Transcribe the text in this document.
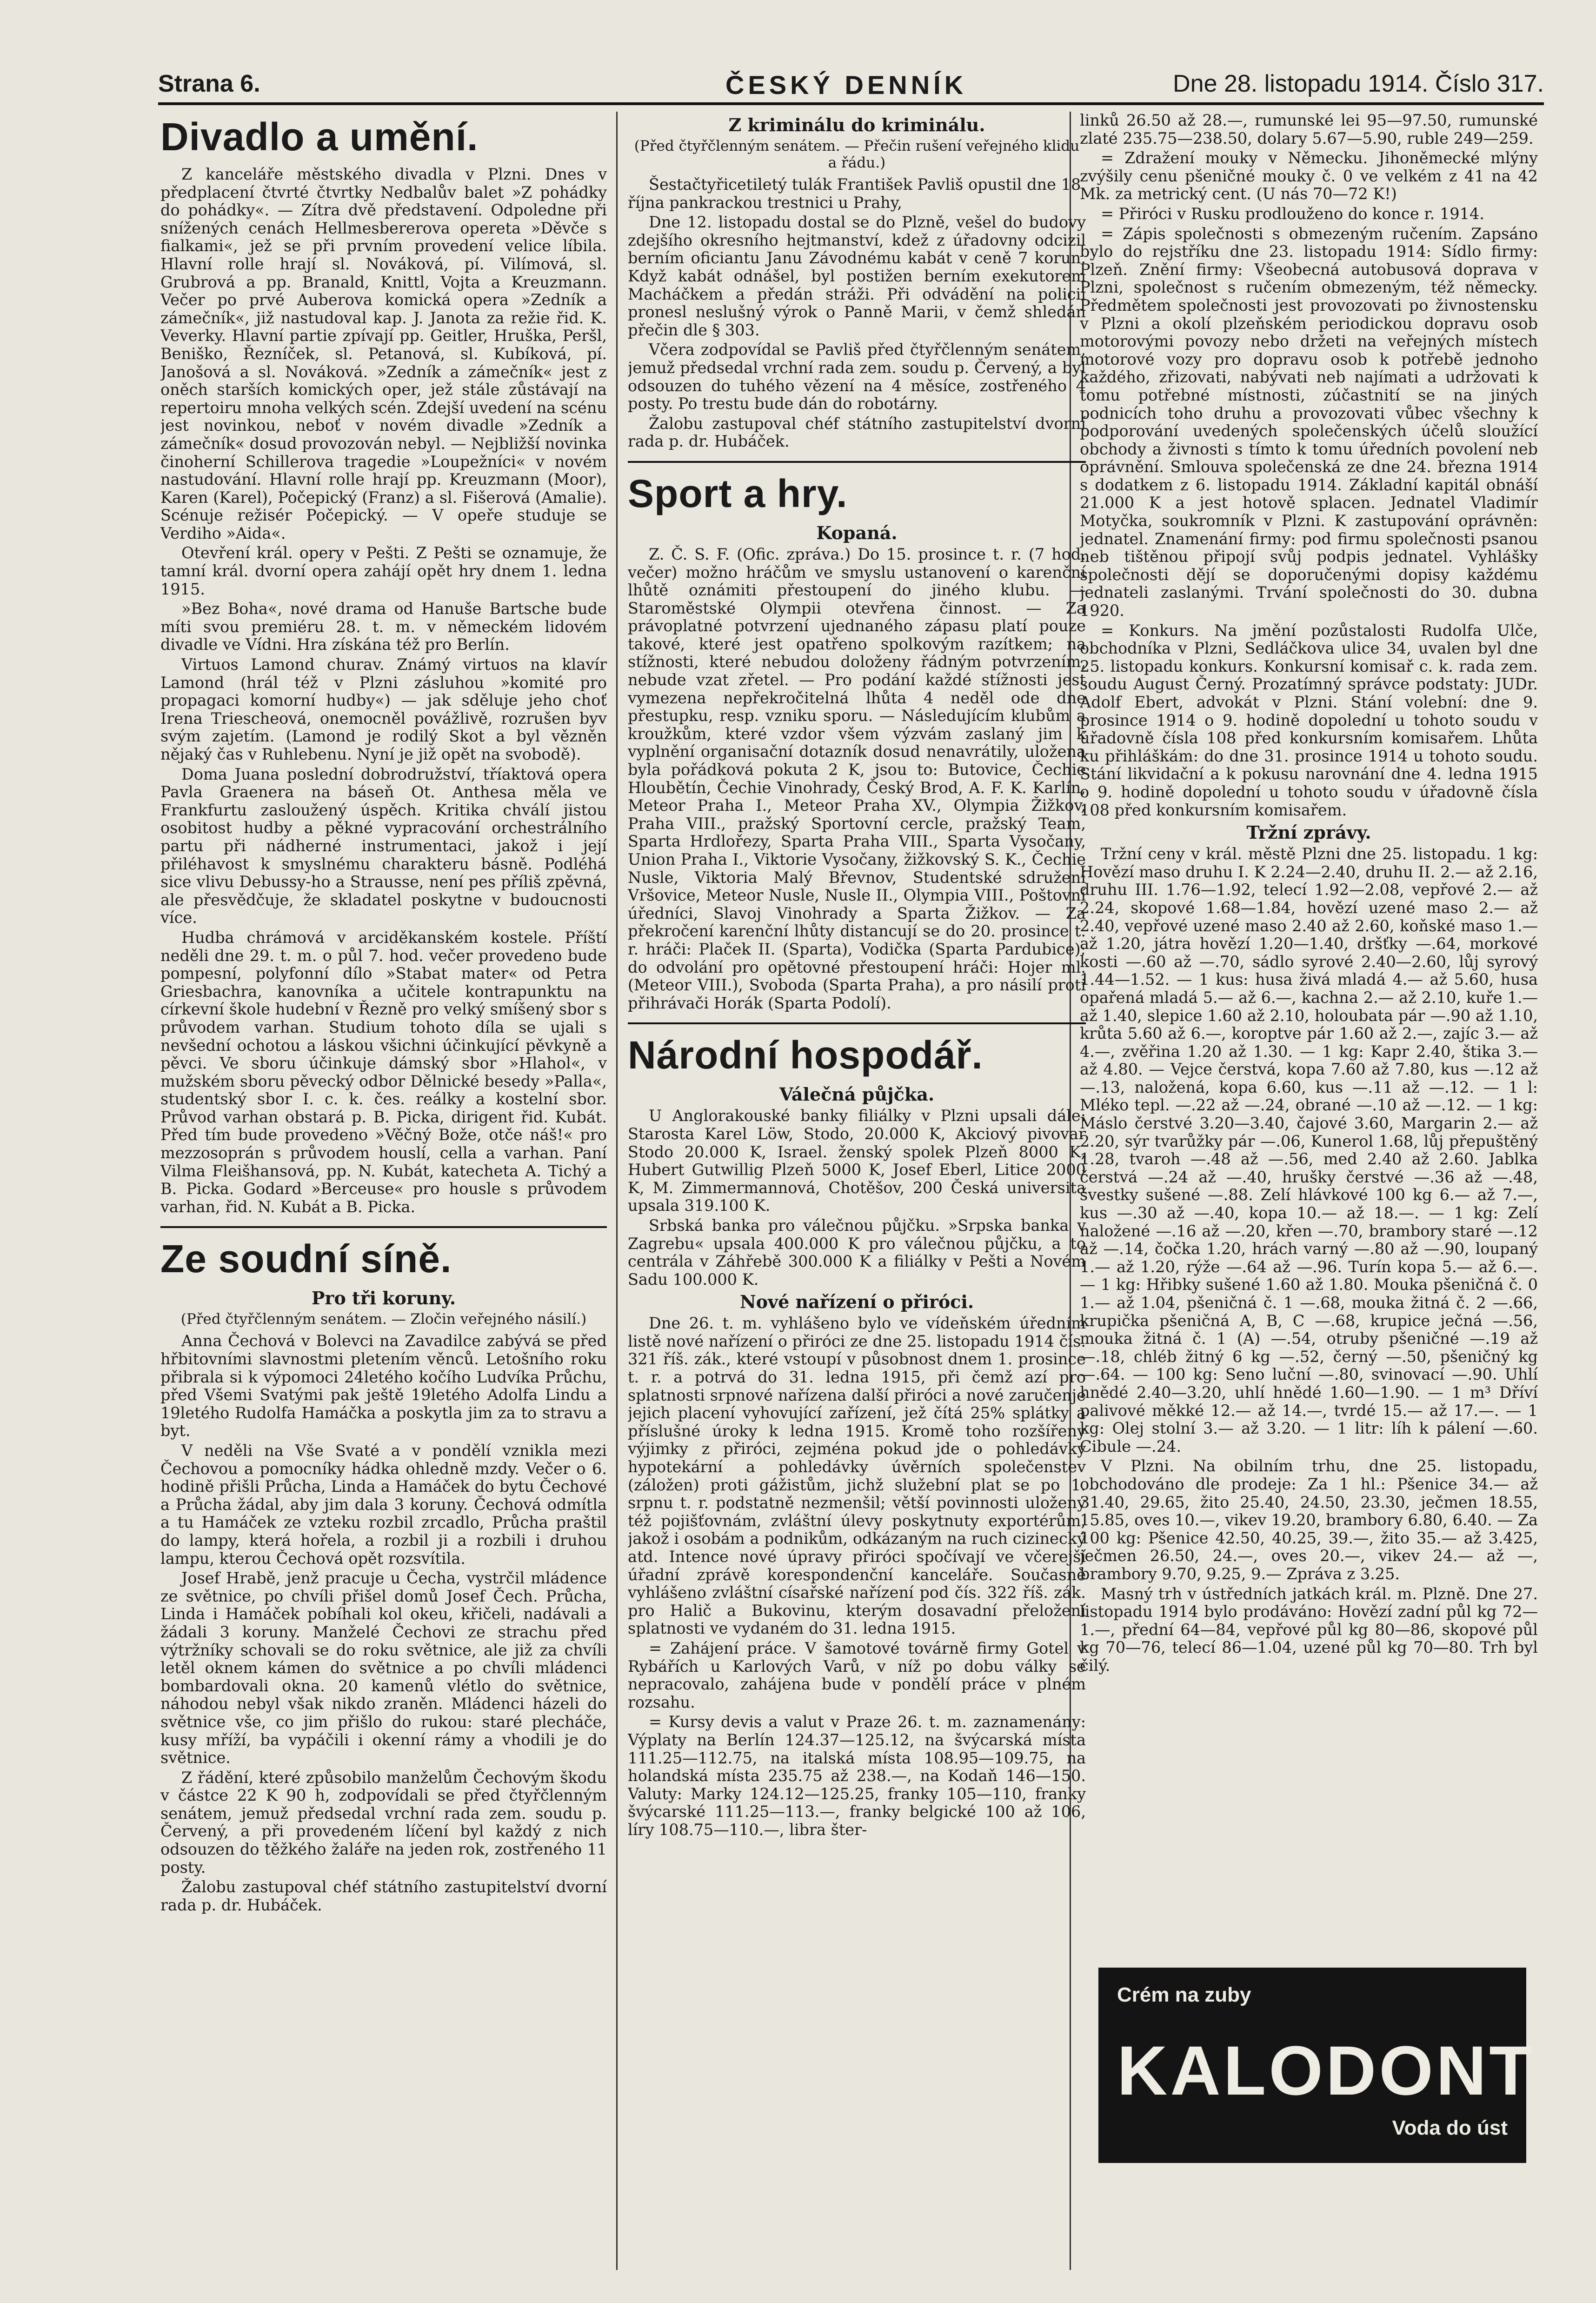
Strana 6.	ČESKÝ DENNÍK	Dne 28. listopadu 1914. Číslo 317.
Divadlo a umění.

Z kanceláře městského divadla v Plzni. Dnes v předplacení čtvrté čtvrtky Nedbalův balet »Z pohádky do pohádky«. — Zítra dvě představení. Odpoledne při snížených cenách Hellmesbererova opereta »Děvče s fialkami«, jež se při prvním provedení velice líbila. Hlavní rolle hrají sl. Nováková, pí. Vilímová, sl. Grubrová a pp. Branald, Knittl, Vojta a Kreuzmann. Večer po prvé Auberova komická opera »Zedník a zámečník«, již nastudoval kap. J. Janota za režie řid. K. Veverky. Hlavní partie zpívají pp. Geitler, Hruška, Peršl, Beniško, Řezníček, sl. Petanová, sl. Kubíková, pí. Janošová a sl. Nováková. »Zedník a zámečník« jest z oněch starších komických oper, jež stále zůstávají na repertoiru mnoha velkých scén. Zdejší uvedení na scénu jest novinkou, neboť v novém divadle »Zedník a zámečník« dosud provozován nebyl. — Nejbližší novinka činoherní Schillerova tragedie »Loupežníci« v novém nastudování. Hlavní rolle hrají pp. Kreuzmann (Moor), Karen (Karel), Počepický (Franz) a sl. Fišerová (Amalie). Scénuje režisér Počepický. — V opeře studuje se Verdiho »Aida«.

Otevření král. opery v Pešti. Z Pešti se oznamuje, že tamní král. dvorní opera zahájí opět hry dnem 1. ledna 1915.

»Bez Boha«, nové drama od Hanuše Bartsche bude míti svou premiéru 28. t. m. v německém lidovém divadle ve Vídni. Hra získána též pro Berlín.

Virtuos Lamond churav. Známý virtuos na klavír Lamond (hrál též v Plzni zásluhou »komité pro propagaci komorní hudby«) — jak sděluje jeho choť Irena Triescheová, onemocněl povážlivě, rozrušen byv svým zajetím. (Lamond je rodilý Skot a byl vězněn nějaký čas v Ruhlebenu. Nyní je již opět na svobodě).

Doma Juana poslední dobrodružství, tříaktová opera Pavla Graenera na báseň Ot. Anthesa měla ve Frankfurtu zasloužený úspěch. Kritika chválí jistou osobitost hudby a pěkné vypracování orchestrálního partu při nádherné instrumentaci, jakož i její přiléhavost k smyslnému charakteru básně. Podléhá sice vlivu Debussy-ho a Strausse, není pes příliš zpěvná, ale přesvědčuje, že skladatel poskytne v budoucnosti více.

Hudba chrámová v arciděkanském kostele. Příští neděli dne 29. t. m. o půl 7. hod. večer provedeno bude pompesní, polyfonní dílo »Stabat mater« od Petra Griesbachra, kanovníka a učitele kontrapunktu na církevní škole hudební v Řezně pro velký smíšený sbor s průvodem varhan. Studium tohoto díla se ujali s nevšední ochotou a láskou všichni účinkující pěvkyně a pěvci. Ve sboru účinkuje dámský sbor »Hlahol«, v mužském sboru pěvecký odbor Dělnické besedy »Palla«, studentský sbor I. c. k. čes. reálky a kostelní sbor. Průvod varhan obstará p. B. Picka, dirigent řid. Kubát. Před tím bude provedeno »Věčný Bože, otče náš!« pro mezzosoprán s průvodem houslí, cella a varhan. Paní Vilma Fleišhansová, pp. N. Kubát, katecheta A. Tichý a B. Picka. Godard »Berceuse« pro housle s průvodem varhan, řid. N. Kubát a B. Picka.

Ze soudní síně.
Pro tři koruny.
(Před čtyřčlenným senátem. — Zločin veřejného násilí.)

Anna Čechová v Bolevci na Zavadilce zabývá se před hřbitovními slavnostmi pletením věnců. Letošního roku přibrala si k výpomoci 24letého kočího Ludvíka Průchu, před Všemi Svatými pak ještě 19letého Adolfa Lindu a 19letého Rudolfa Hamáčka a poskytla jim za to stravu a byt.

V neděli na Vše Svaté a v pondělí vznikla mezi Čechovou a pomocníky hádka ohledně mzdy. Večer o 6. hodině přišli Průcha, Linda a Hamáček do bytu Čechové a Průcha žádal, aby jim dala 3 koruny. Čechová odmítla a tu Hamáček ze vzteku rozbil zrcadlo, Průcha praštil do lampy, která hořela, a rozbil ji a rozbili i druhou lampu, kterou Čechová opět rozsvítila.

Josef Hrabě, jenž pracuje u Čecha, vystrčil mládence ze světnice, po chvíli přišel domů Josef Čech. Průcha, Linda i Hamáček pobíhali kol okeu, křičeli, nadávali a žádali 3 koruny. Manželé Čechovi ze strachu před výtržníky schovali se do roku světnice, ale již za chvíli letěl oknem kámen do světnice a po chvíli mládenci bombardovali okna. 20 kamenů vlétlo do světnice, náhodou nebyl však nikdo zraněn. Mládenci házeli do světnice vše, co jim přišlo do rukou: staré plecháče, kusy mříží, ba vypáčili i okenní rámy a vhodili je do světnice.

Z řádění, které způsobilo manželům Čechovým škodu v částce 22 K 90 h, zodpovídali se před čtyřčlenným senátem, jemuž předsedal vrchní rada zem. soudu p. Červený, a při provedeném líčení byl každý z nich odsouzen do těžkého žaláře na jeden rok, zostřeného 11 posty.

Žalobu zastupoval chéf státního zastupitelství dvorní rada p. dr. Hubáček.

Z kriminálu do kriminálu.
(Před čtyřčlenným senátem. — Přečin rušení veřejného klidu a řádu.)

Šestačtyřicetiletý tulák František Pavliš opustil dne 18. října pankrackou trestnici u Prahy,

Dne 12. listopadu dostal se do Plzně, vešel do budovy zdejšího okresního hejtmanství, kdež z úřadovny odcizil berním oficiantu Janu Závodnému kabát v ceně 7 korun. Když kabát odnášel, byl postižen berním exekutorem Macháčkem a předán stráži. Při odvádění na policii pronesl neslušný výrok o Panně Marii, v čemž shledán přečin dle § 303.

Včera zodpovídal se Pavliš před čtyřčlenným senátem, jemuž předsedal vrchní rada zem. soudu p. Červený, a byl odsouzen do tuhého vězení na 4 měsíce, zostřeného 4 posty. Po trestu bude dán do robotárny.

Žalobu zastupoval chéf státního zastupitelství dvorní rada p. dr. Hubáček.

Sport a hry.
Kopaná.

Z. Č. S. F. (Ofic. zpráva.) Do 15. prosince t. r. (7 hod. večer) možno hráčům ve smyslu ustanovení o karenční lhůtě oznámiti přestoupení do jiného klubu. — Staroměstské Olympii otevřena činnost. — Za právoplatné potvrzení ujednaného zápasu platí pouze takové, které jest opatřeno spolkovým razítkem; na stížnosti, které nebudou doloženy řádným potvrzením, nebude vzat zřetel. — Pro podání každé stížnosti jest vymezena nepřekročitelná lhůta 4 neděl ode dne přestupku, resp. vzniku sporu. — Následujícím klubům a kroužkům, které vzdor všem výzvám zaslaný jim k vyplnění organisační dotazník dosud nenavrátily, uložena byla pořádková pokuta 2 K, jsou to: Butovice, Čechie Hloubětín, Čechie Vinohrady, Český Brod, A. F. K. Karlín, Meteor Praha I., Meteor Praha XV., Olympia Žižkov, Praha VIII., pražský Sportovní cercle, pražský Team, Sparta Hrdlořezy, Sparta Praha VIII., Sparta Vysočany, Union Praha I., Viktorie Vysočany, žižkovský S. K., Čechie Nusle, Viktoria Malý Břevnov, Studentské sdružení Vršovice, Meteor Nusle, Nusle II., Olympia VIII., Poštovní úředníci, Slavoj Vinohrady a Sparta Žižkov. — Za překročení karenční lhůty distancují se do 20. prosince t. r. hráči: Plaček II. (Sparta), Vodička (Sparta Pardubice); do odvolání pro opětovné přestoupení hráči: Hojer ml. (Meteor VIII.), Svoboda (Sparta Praha), a pro násilí proti přihrávači Horák (Sparta Podolí).

Národní hospodář.
Válečná půjčka.

U Anglorakouské banky filiálky v Plzni upsali dále: Starosta Karel Löw, Stodo, 20.000 K, Akciový pivovar Stodo 20.000 K, Israel. ženský spolek Plzeň 8000 K, Hubert Gutwillig Plzeň 5000 K, Josef Eberl, Litice 2000 K, M. Zimmermannová, Chotěšov, 200 Česká universita upsala 319.100 K.

Srbská banka pro válečnou půjčku. »Srpska banka v Zagrebu« upsala 400.000 K pro válečnou půjčku, a to centrála v Záhřebě 300.000 K a filiálky v Pešti a Novém Sadu 100.000 K.

Nové nařízení o přiróci.

Dne 26. t. m. vyhlášeno bylo ve vídeňském úředním listě nové nařízení o přiróci ze dne 25. listopadu 1914 čís. 321 říš. zák., které vstoupí v působnost dnem 1. prosince t. r. a potrvá do 31. ledna 1915, při čemž azí pro splatnosti srpnové nařízena další přiróci a nové zaručenje jejich placení vyhovující zařízení, jež čítá 25% splátky a příslušné úroky k ledna 1915. Kromě toho rozšířeny výjimky z přiróci, zejména pokud jde o pohledávky hypotekární a pohledávky úvěrních společenstev (záložen) proti gážistům, jichž služební plat se po 1. srpnu t. r. podstatně nezmenšil; větší povinnosti uloženy též pojišťovnám, zvláštní úlevy poskytnuty exportérům, jakož i osobám a podnikům, odkázaným na ruch cizinecký atd. Intence nové úpravy přiróci spočívají ve včerejší úřadní zprávě korespondenční kanceláře. Současně vyhlášeno zvláštní císařské nařízení pod čís. 322 říš. zák. pro Halič a Bukovinu, kterým dosavadní přeložení splatnosti ve vydaném do 31. ledna 1915.

= Zahájení práce. V šamotové továrně firmy Gotel v Rybářích u Karlových Varů, v níž po dobu války se nepracovalo, zahájena bude v pondělí práce v plném rozsahu.

= Kursy devis a valut v Praze 26. t. m. zaznamenány: Výplaty na Berlín 124.37—125.12, na švýcarská místa 111.25—112.75, na italská místa 108.95—109.75, na holandská místa 235.75 až 238.—, na Kodaň 146—150. Valuty: Marky 124.12—125.25, franky 105—110, franky švýcarské 111.25—113.—, franky belgické 100 až 106, líry 108.75—110.—, libra šter-

linků 26.50 až 28.—, rumunské lei 95—97.50, rumunské zlaté 235.75—238.50, dolary 5.67—5.90, ruble 249—259.

= Zdražení mouky v Německu. Jihoněmecké mlýny zvýšily cenu pšeničné mouky č. 0 ve velkém z 41 na 42 Mk. za metrický cent. (U nás 70—72 K!)

= Přiróci v Rusku prodlouženo do konce r. 1914.

= Zápis společnosti s obmezeným ručením. Zapsáno bylo do rejstříku dne 23. listopadu 1914: Sídlo firmy: Plzeň. Znění firmy: Všeobecná autobusová doprava v Plzni, společnost s ručením obmezeným, též německy. Předmětem společnosti jest provozovati po živnostensku v Plzni a okolí plzeňském periodickou dopravu osob motorovými povozy nebo držeti na veřejných místech motorové vozy pro dopravu osob k potřebě jednoho každého, zřizovati, nabývati neb najímati a udržovati k tomu potřebné místnosti, zúčastnití se na jiných podnicích toho druhu a provozovati vůbec všechny k podporování uvedených společenských účelů sloužící obchody a živnosti s tímto k tomu úředních povolení neb oprávnění. Smlouva společenská ze dne 24. března 1914 s dodatkem z 6. listopadu 1914. Základní kapitál obnáší 21.000 K a jest hotově splacen. Jednatel Vladimír Motyčka, soukromník v Plzni. K zastupování oprávněn: jednatel. Znamenání firmy: pod firmu společnosti psanou neb tištěnou připojí svůj podpis jednatel. Vyhlášky společnosti dějí se doporučenými dopisy každému jednateli zaslanými. Trvání společnosti do 30. dubna 1920.

= Konkurs. Na jmění pozůstalosti Rudolfa Ulče, obchodníka v Plzni, Sedláčkova ulice 34, uvalen byl dne 25. listopadu konkurs. Konkursní komisař c. k. rada zem. soudu August Černý. Prozatímný správce podstaty: JUDr. Adolf Ebert, advokát v Plzni. Stání volební: dne 9. prosince 1914 o 9. hodině dopolední u tohoto soudu v úřadovně čísla 108 před konkursním komisařem. Lhůta ku přihláškám: do dne 31. prosince 1914 u tohoto soudu. Stání likvidační a k pokusu narovnání dne 4. ledna 1915 o 9. hodině dopolední u tohoto soudu v úřadovně čísla 108 před konkursním komisařem.

Tržní zprávy.

Tržní ceny v král. městě Plzni dne 25. listopadu. 1 kg: Hovězí maso druhu I. K 2.24—2.40, druhu II. 2.— až 2.16, druhu III. 1.76—1.92, telecí 1.92—2.08, vepřové 2.— až 2.24, skopové 1.68—1.84, hovězí uzené maso 2.— až 2.40, vepřové uzené maso 2.40 až 2.60, koňské maso 1.— až 1.20, játra hovězí 1.20—1.40, dršťky —.64, morkové kosti —.60 až —.70, sádlo syrové 2.40—2.60, lůj syrový 1.44—1.52. — 1 kus: husa živá mladá 4.— až 5.60, husa opařená mladá 5.— až 6.—, kachna 2.— až 2.10, kuře 1.— až 1.40, slepice 1.60 až 2.10, holoubata pár —.90 až 1.10, krůta 5.60 až 6.—, koroptve pár 1.60 až 2.—, zajíc 3.— až 4.—, zvěřina 1.20 až 1.30. — 1 kg: Kapr 2.40, štika 3.— až 4.80. — Vejce čerstvá, kopa 7.60 až 7.80, kus —.12 až —.13, naložená, kopa 6.60, kus —.11 až —.12. — 1 l: Mléko tepl. —.22 až —.24, obrané —.10 až —.12. — 1 kg: Máslo čerstvé 3.20—3.40, čajové 3.60, Margarin 2.— až 2.20, sýr tvarůžky pár —.06, Kunerol 1.68, lůj přepuštěný 1.28, tvaroh —.48 až —.56, med 2.40 až 2.60. Jablka čerstvá —.24 až —.40, hrušky čerstvé —.36 až —.48, švestky sušené —.88. Zelí hlávkové 100 kg 6.— až 7.—, kus —.30 až —.40, kopa 10.— až 18.—. — 1 kg: Zelí naložené —.16 až —.20, křen —.70, brambory staré —.12 až —.14, čočka 1.20, hrách varný —.80 až —.90, loupaný 1.— až 1.20, rýže —.64 až —.96. Turín kopa 5.— až 6.—. — 1 kg: Hřibky sušené 1.60 až 1.80. Mouka pšeničná č. 0 1.— až 1.04, pšeničná č. 1 —.68, mouka žitná č. 2 —.66, krupička pšeničná A, B, C —.68, krupice ječná —.56, mouka žitná č. 1 (A) —.54, otruby pšeničné —.19 až —.18, chléb žitný 6 kg —.52, černý —.50, pšeničný kg —.64. — 100 kg: Seno luční —.80, svinovací —.90. Uhlí hnědé 2.40—3.20, uhlí hnědé 1.60—1.90. — 1 m³ Dříví palivové měkké 12.— až 14.—, tvrdé 15.— až 17.—. — 1 kg: Olej stolní 3.— až 3.20. — 1 litr: líh k pálení —.60. Cibule —.24.

V Plzni. Na obilním trhu, dne 25. listopadu, obchodováno dle prodeje: Za 1 hl.: Pšenice 34.— až 31.40, 29.65, žito 25.40, 24.50, 23.30, ječmen 18.55, 15.85, oves 10.—, vikev 19.20, brambory 6.80, 6.40. — Za 100 kg: Pšenice 42.50, 40.25, 39.—, žito 35.— až 3.425, ječmen 26.50, 24.—, oves 20.—, vikev 24.— až —, brambory 9.70, 9.25, 9.— Zpráva z 3.25.

Masný trh v ústředních jatkách král. m. Plzně. Dne 27. listopadu 1914 bylo prodáváno: Hovězí zadní půl kg 72—1.—, přední 64—84, vepřové půl kg 80—86, skopové půl kg 70—76, telecí 86—1.04, uzené půl kg 70—80. Trh byl čilý.

Crém na zuby
KALODONT
Voda do úst
